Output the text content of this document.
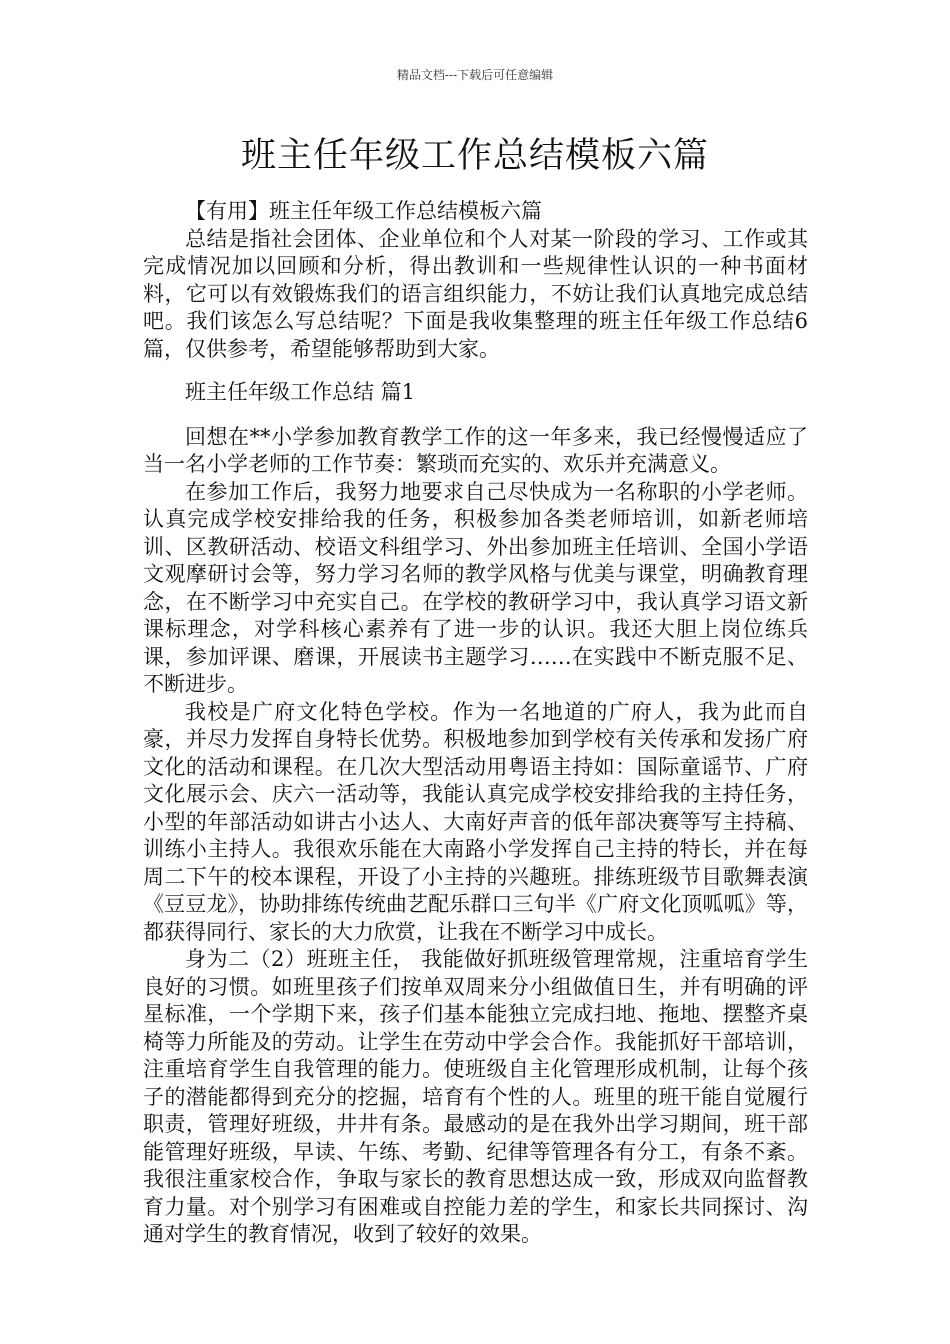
精品文档---下载后可任意编辑
班主任年级工作总结模板六篇

【有用】班主任年级工作总结模板六篇

总结是指社会团体、企业单位和个人对某一阶段的学习、工作或其完成情况加以回顾和分析，得出教训和一些规律性认识的一种书面材料，它可以有效锻炼我们的语言组织能力，不妨让我们认真地完成总结吧。我们该怎么写总结呢？下面是我收集整理的班主任年级工作总结6篇，仅供参考，希望能够帮助到大家。

班主任年级工作总结 篇1

回想在**小学参加教育教学工作的这一年多来，我已经慢慢适应了当一名小学老师的工作节奏：繁琐而充实的、欢乐并充满意义。

在参加工作后，我努力地要求自己尽快成为一名称职的小学老师。认真完成学校安排给我的任务，积极参加各类老师培训，如新老师培训、区教研活动、校语文科组学习、外出参加班主任培训、全国小学语文观摩研讨会等，努力学习名师的教学风格与优美与课堂，明确教育理念，在不断学习中充实自己。在学校的教研学习中，我认真学习语文新课标理念，对学科核心素养有了进一步的认识。我还大胆上岗位练兵课，参加评课、磨课，开展读书主题学习……在实践中不断克服不足、不断进步。

我校是广府文化特色学校。作为一名地道的广府人，我为此而自豪，并尽力发挥自身特长优势。积极地参加到学校有关传承和发扬广府文化的活动和课程。在几次大型活动用粤语主持如：国际童谣节、广府文化展示会、庆六一活动等，我能认真完成学校安排给我的主持任务，小型的年部活动如讲古小达人、大南好声音的低年部决赛等写主持稿、训练小主持人。我很欢乐能在大南路小学发挥自己主持的特长，并在每周二下午的校本课程，开设了小主持的兴趣班。排练班级节目歌舞表演《豆豆龙》，协助排练传统曲艺配乐群口三句半《广府文化顶呱呱》等，都获得同行、家长的大力欣赏，让我在不断学习中成长。

身为二（2）班班主任， 我能做好抓班级管理常规，注重培育学生良好的习惯。如班里孩子们按单双周来分小组做值日生，并有明确的评星标准，一个学期下来，孩子们基本能独立完成扫地、拖地、摆整齐桌椅等力所能及的劳动。让学生在劳动中学会合作。我能抓好干部培训，注重培育学生自我管理的能力。使班级自主化管理形成机制，让每个孩子的潜能都得到充分的挖掘，培育有个性的人。班里的班干能自觉履行职责，管理好班级，井井有条。最感动的是在我外出学习期间，班干部能管理好班级，早读、午练、考勤、纪律等管理各有分工，有条不紊。我很注重家校合作，争取与家长的教育思想达成一致，形成双向监督教育力量。对个别学习有困难或自控能力差的学生，和家长共同探讨、沟通对学生的教育情况，收到了较好的效果。
